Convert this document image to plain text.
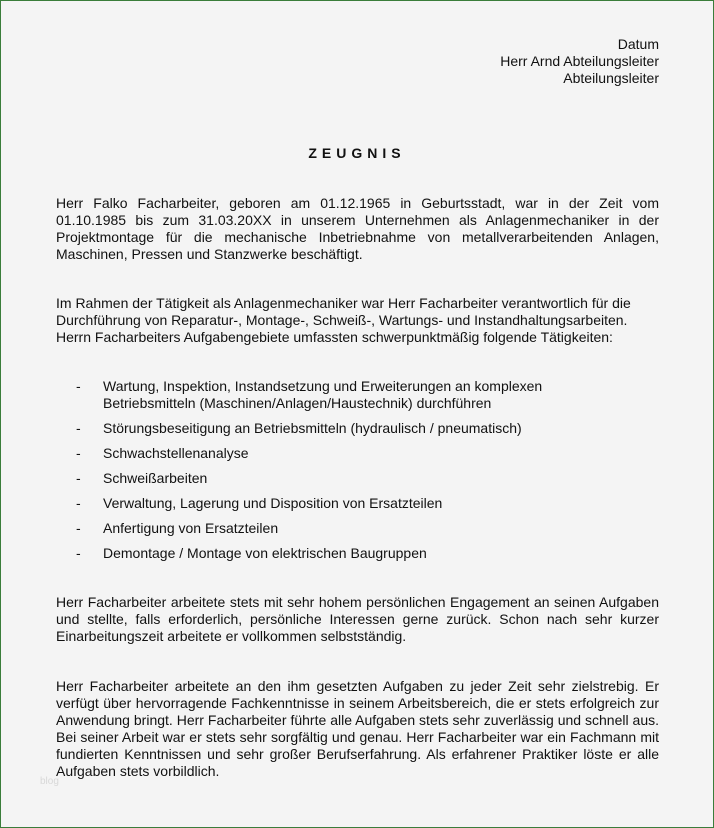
Datum
Herr Arnd Abteilungsleiter
Abteilungsleiter
ZEUGNIS
Herr Falko Facharbeiter, geboren am 01.12.1965 in Geburtsstadt, war in der Zeit vom 01.10.1985 bis zum 31.03.20XX in unserem Unternehmen als Anlagenmechaniker in der Projektmontage für die mechanische Inbetriebnahme von metallverarbeitenden Anlagen, Maschinen, Pressen und Stanzwerke beschäftigt.
Im Rahmen der Tätigkeit als Anlagenmechaniker war Herr Facharbeiter verantwortlich für die Durchführung von Reparatur-, Montage-, Schweiß-, Wartungs- und Instandhaltungsarbeiten. Herrn Facharbeiters Aufgabengebiete umfassten schwerpunktmäßig folgende Tätigkeiten:
- Wartung, Inspektion, Instandsetzung und Erweiterungen an komplexen Betriebsmitteln (Maschinen/Anlagen/Haustechnik) durchführen
- Störungsbeseitigung an Betriebsmitteln (hydraulisch / pneumatisch)
- Schwachstellenanalyse
- Schweißarbeiten
- Verwaltung, Lagerung und Disposition von Ersatzteilen
- Anfertigung von Ersatzteilen
- Demontage / Montage von elektrischen Baugruppen
Herr Facharbeiter arbeitete stets mit sehr hohem persönlichen Engagement an seinen Aufgaben und stellte, falls erforderlich, persönliche Interessen gerne zurück. Schon nach sehr kurzer Einarbeitungszeit arbeitete er vollkommen selbstständig.
Herr Facharbeiter arbeitete an den ihm gesetzten Aufgaben zu jeder Zeit sehr zielstrebig. Er verfügt über hervorragende Fachkenntnisse in seinem Arbeitsbereich, die er stets erfolgreich zur Anwendung bringt. Herr Facharbeiter führte alle Aufgaben stets sehr zuverlässig und schnell aus. Bei seiner Arbeit war er stets sehr sorgfältig und genau. Herr Facharbeiter war ein Fachmann mit fundierten Kenntnissen und sehr großer Berufserfahrung. Als erfahrener Praktiker löste er alle Aufgaben stets vorbildlich.
blog
